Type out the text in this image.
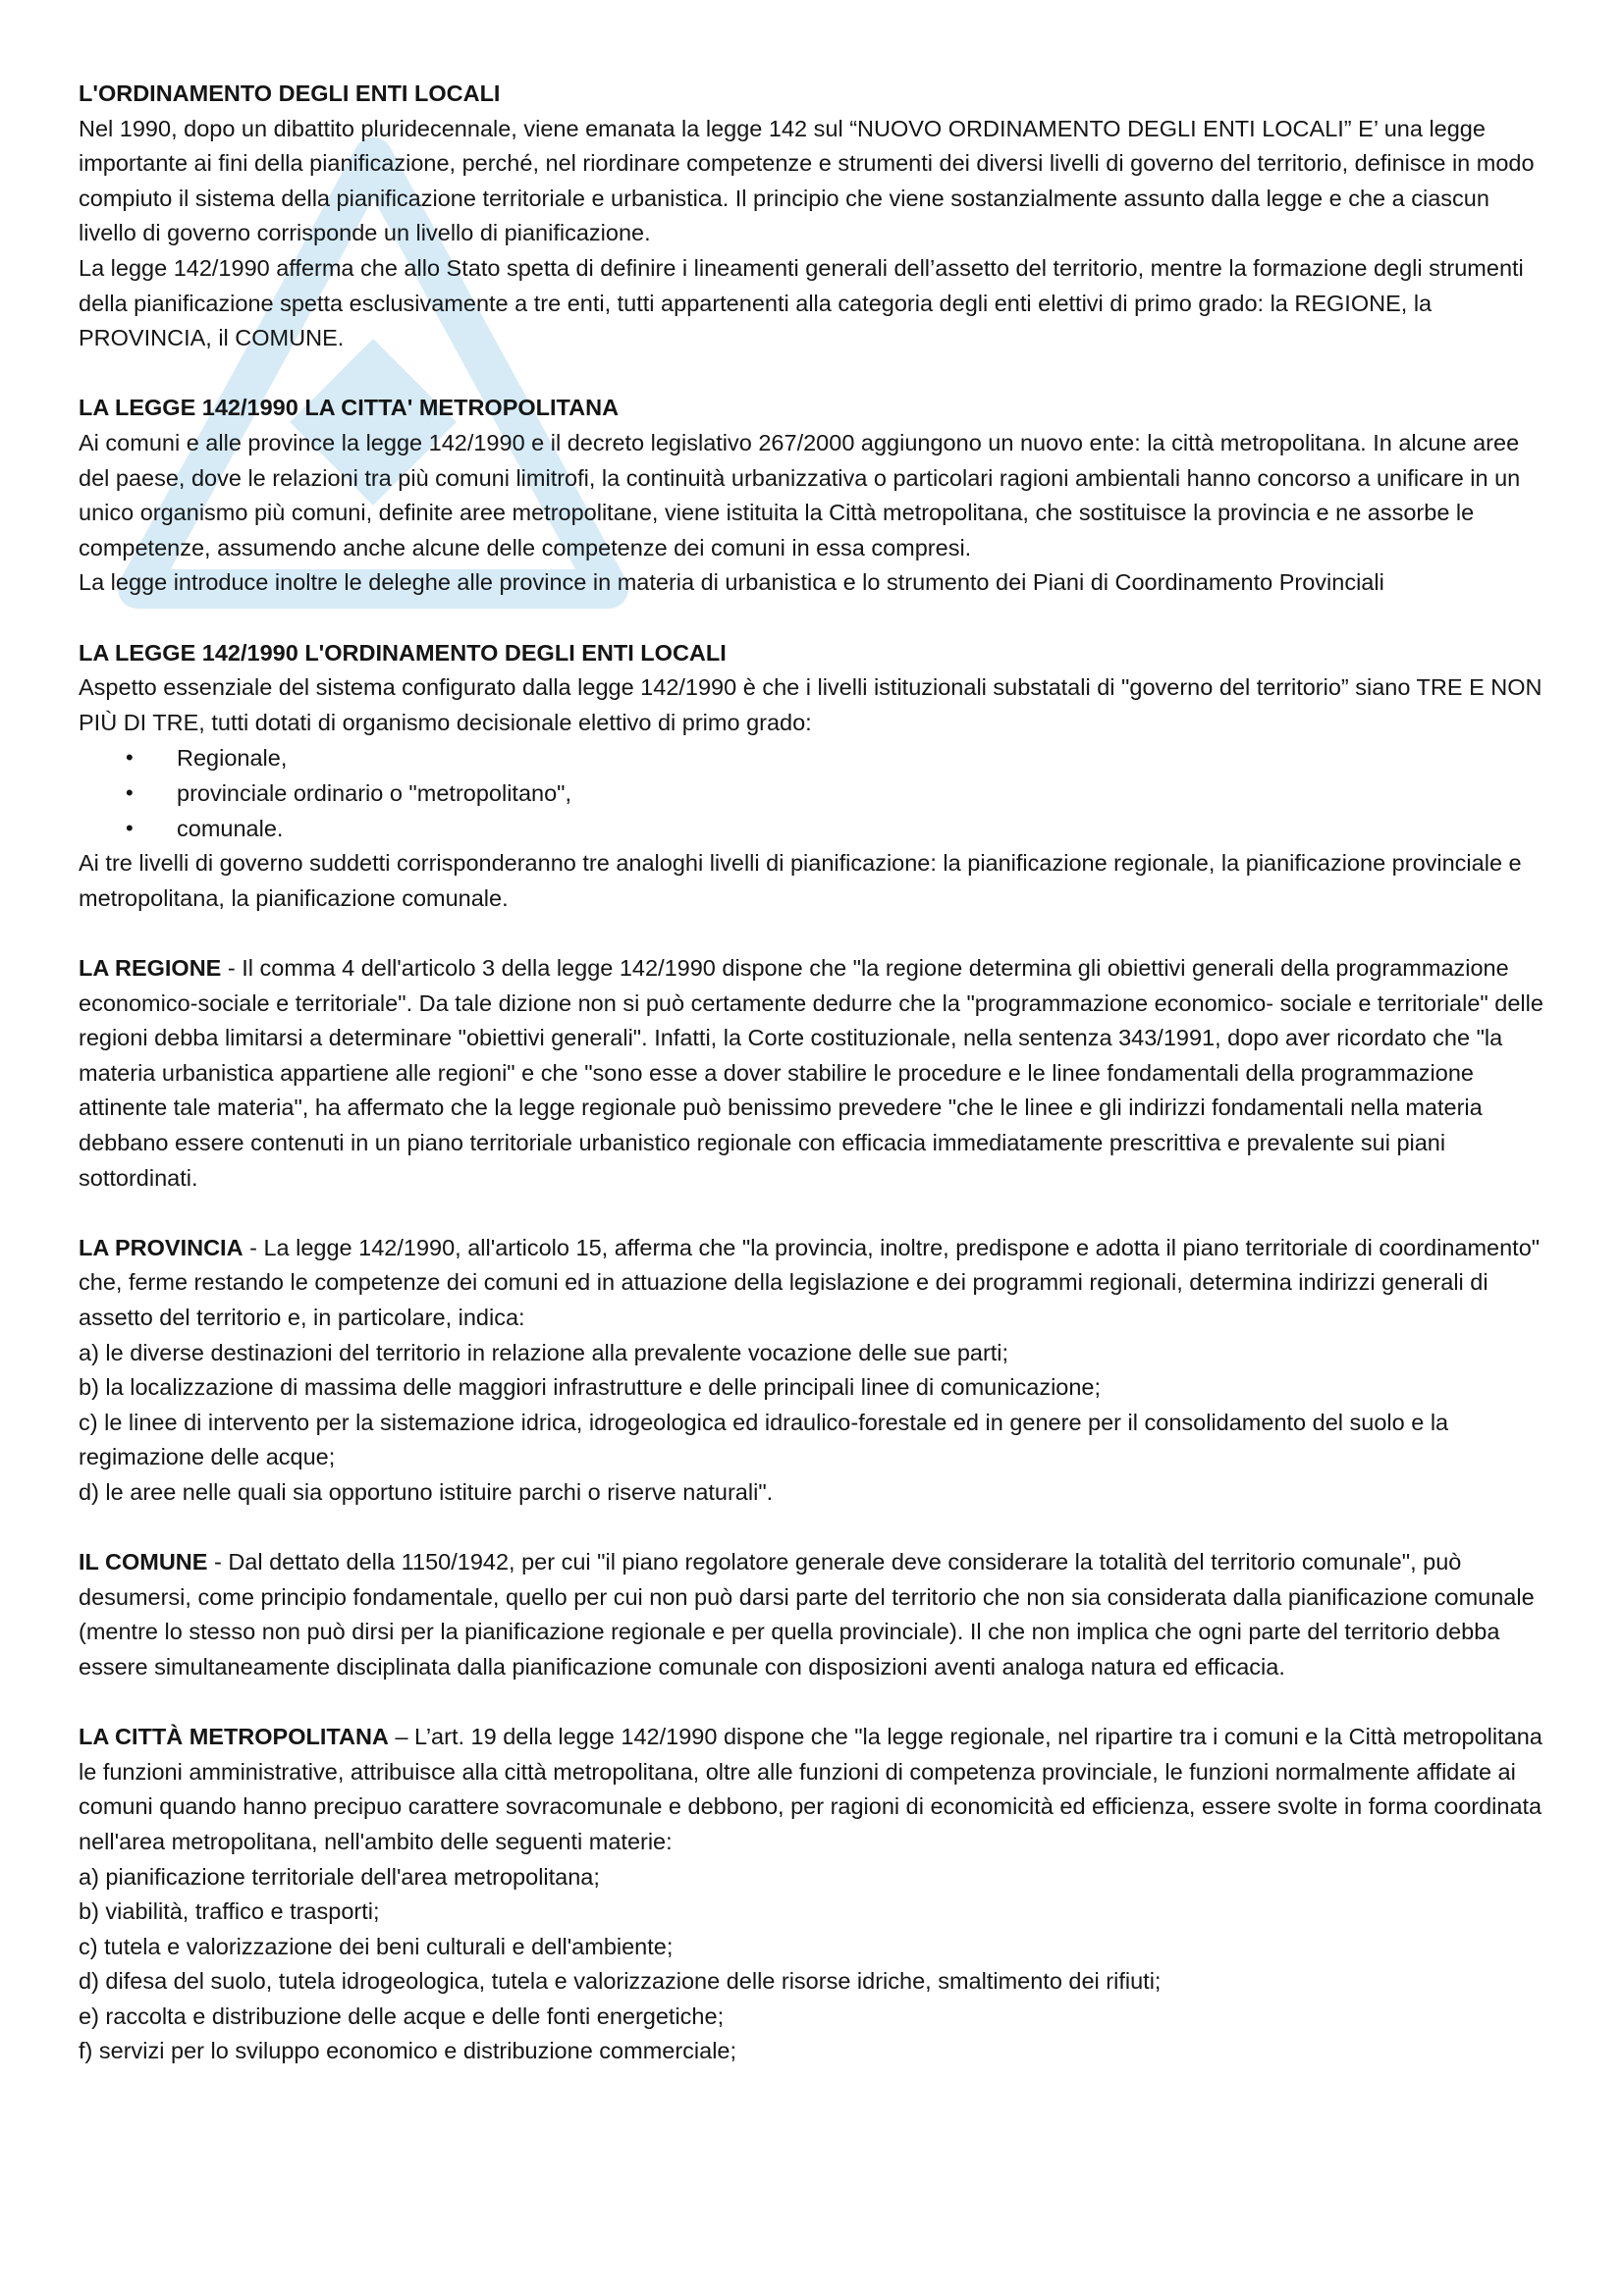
L'ORDINAMENTO DEGLI ENTI LOCALI

Nel 1990, dopo un dibattito pluridecennale, viene emanata la legge 142 sul “NUOVO ORDINAMENTO DEGLI ENTI LOCALI” E’ una legge importante ai fini della pianificazione, perché, nel riordinare competenze e strumenti dei diversi livelli di governo del territorio, definisce in modo compiuto il sistema della pianificazione territoriale e urbanistica. Il principio che viene sostanzialmente assunto dalla legge e che a ciascun livello di governo corrisponde un livello di pianificazione.

La legge 142/1990 afferma che allo Stato spetta di definire i lineamenti generali dell’assetto del territorio, mentre la formazione degli strumenti della pianificazione spetta esclusivamente a tre enti, tutti appartenenti alla categoria degli enti elettivi di primo grado: la REGIONE, la PROVINCIA, il COMUNE.

LA LEGGE 142/1990 LA CITTA' METROPOLITANA

Ai comuni e alle province la legge 142/1990 e il decreto legislativo 267/2000 aggiungono un nuovo ente: la città metropolitana. In alcune aree del paese, dove le relazioni tra più comuni limitrofi, la continuità urbanizzativa o particolari ragioni ambientali hanno concorso a unificare in un unico organismo più comuni, definite aree metropolitane, viene istituita la Città metropolitana, che sostituisce la provincia e ne assorbe le competenze, assumendo anche alcune delle competenze dei comuni in essa compresi.

La legge introduce inoltre le deleghe alle province in materia di urbanistica e lo strumento dei Piani di Coordinamento Provinciali

LA LEGGE 142/1990 L'ORDINAMENTO DEGLI ENTI LOCALI

Aspetto essenziale del sistema configurato dalla legge 142/1990 è che i livelli istituzionali substatali di "governo del territorio” siano TRE E NON PIÙ DI TRE, tutti dotati di organismo decisionale elettivo di primo grado:

• Regionale,
• provinciale ordinario o "metropolitano",
• comunale.

Ai tre livelli di governo suddetti corrisponderanno tre analoghi livelli di pianificazione: la pianificazione regionale, la pianificazione provinciale e metropolitana, la pianificazione comunale.

LA REGIONE - Il comma 4 dell'articolo 3 della legge 142/1990 dispone che "la regione determina gli obiettivi generali della programmazione economico-sociale e territoriale". Da tale dizione non si può certamente dedurre che la "programmazione economico- sociale e territoriale" delle regioni debba limitarsi a determinare "obiettivi generali". Infatti, la Corte costituzionale, nella sentenza 343/1991, dopo aver ricordato che "la materia urbanistica appartiene alle regioni" e che "sono esse a dover stabilire le procedure e le linee fondamentali della programmazione attinente tale materia", ha affermato che la legge regionale può benissimo prevedere "che le linee e gli indirizzi fondamentali nella materia debbano essere contenuti in un piano territoriale urbanistico regionale con efficacia immediatamente prescrittiva e prevalente sui piani sottordinati.

LA PROVINCIA - La legge 142/1990, all'articolo 15, afferma che "la provincia, inoltre, predispone e adotta il piano territoriale di coordinamento" che, ferme restando le competenze dei comuni ed in attuazione della legislazione e dei programmi regionali, determina indirizzi generali di assetto del territorio e, in particolare, indica:

a) le diverse destinazioni del territorio in relazione alla prevalente vocazione delle sue parti;

b) la localizzazione di massima delle maggiori infrastrutture e delle principali linee di comunicazione;

c) le linee di intervento per la sistemazione idrica, idrogeologica ed idraulico-forestale ed in genere per il consolidamento del suolo e la regimazione delle acque;

d) le aree nelle quali sia opportuno istituire parchi o riserve naturali".

IL COMUNE - Dal dettato della 1150/1942, per cui "il piano regolatore generale deve considerare la totalità del territorio comunale", può desumersi, come principio fondamentale, quello per cui non può darsi parte del territorio che non sia considerata dalla pianificazione comunale (mentre lo stesso non può dirsi per la pianificazione regionale e per quella provinciale). Il che non implica che ogni parte del territorio debba essere simultaneamente disciplinata dalla pianificazione comunale con disposizioni aventi analoga natura ed efficacia.

LA CITTÀ METROPOLITANA – L’art. 19 della legge 142/1990 dispone che "la legge regionale, nel ripartire tra i comuni e la Città metropolitana le funzioni amministrative, attribuisce alla città metropolitana, oltre alle funzioni di competenza provinciale, le funzioni normalmente affidate ai comuni quando hanno precipuo carattere sovracomunale e debbono, per ragioni di economicità ed efficienza, essere svolte in forma coordinata nell'area metropolitana, nell'ambito delle seguenti materie:

a) pianificazione territoriale dell'area metropolitana;

b) viabilità, traffico e trasporti;

c) tutela e valorizzazione dei beni culturali e dell'ambiente;

d) difesa del suolo, tutela idrogeologica, tutela e valorizzazione delle risorse idriche, smaltimento dei rifiuti;

e) raccolta e distribuzione delle acque e delle fonti energetiche;

f) servizi per lo sviluppo economico e distribuzione commerciale;
